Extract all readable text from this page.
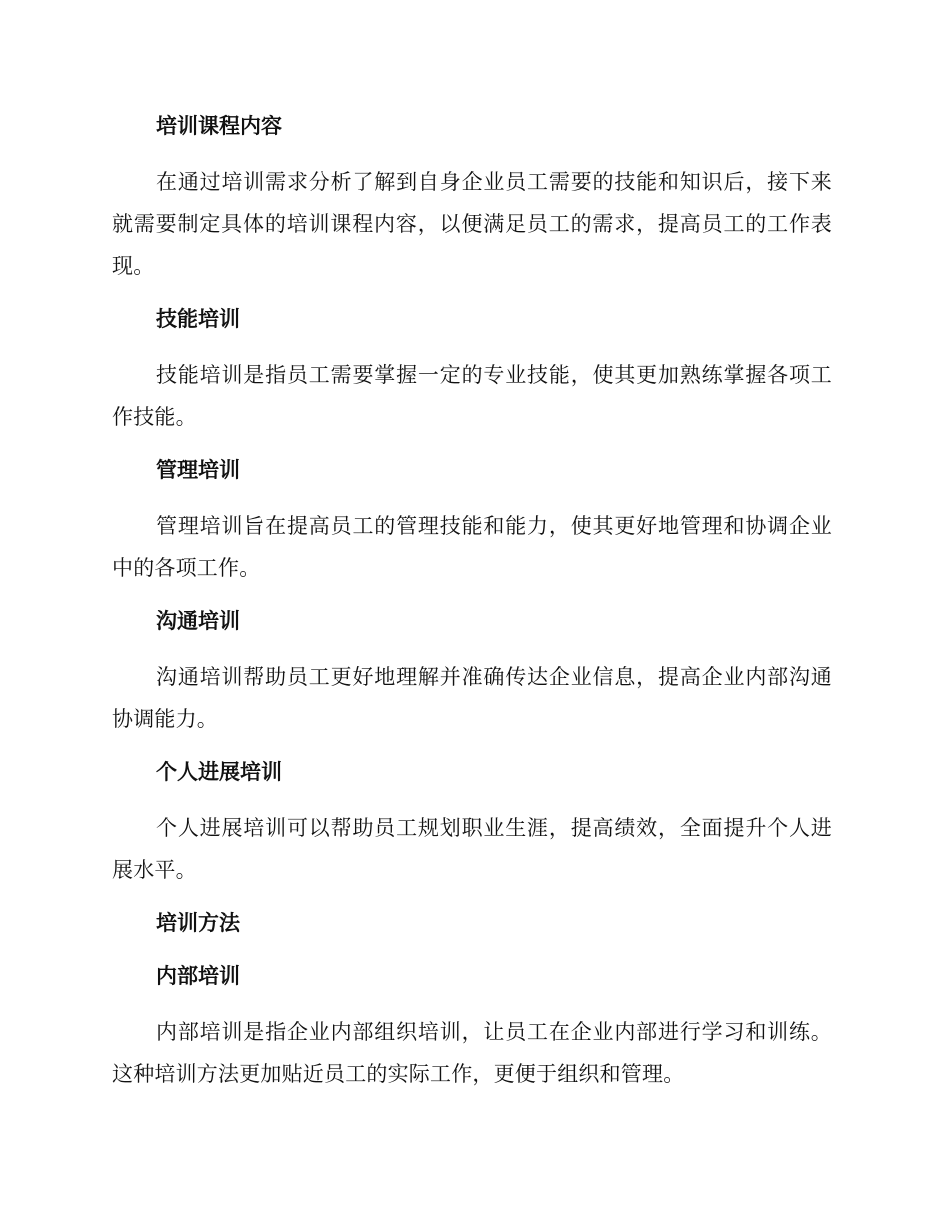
培训课程内容
在通过培训需求分析了解到自身企业员工需要的技能和知识后，接下来就需要制定具体的培训课程内容，以便满足员工的需求，提高员工的工作表现。
技能培训
技能培训是指员工需要掌握一定的专业技能，使其更加熟练掌握各项工作技能。
管理培训
管理培训旨在提高员工的管理技能和能力，使其更好地管理和协调企业中的各项工作。
沟通培训
沟通培训帮助员工更好地理解并准确传达企业信息，提高企业内部沟通协调能力。
个人进展培训
个人进展培训可以帮助员工规划职业生涯，提高绩效，全面提升个人进展水平。
培训方法
内部培训
内部培训是指企业内部组织培训，让员工在企业内部进行学习和训练。这种培训方法更加贴近员工的实际工作，更便于组织和管理。
